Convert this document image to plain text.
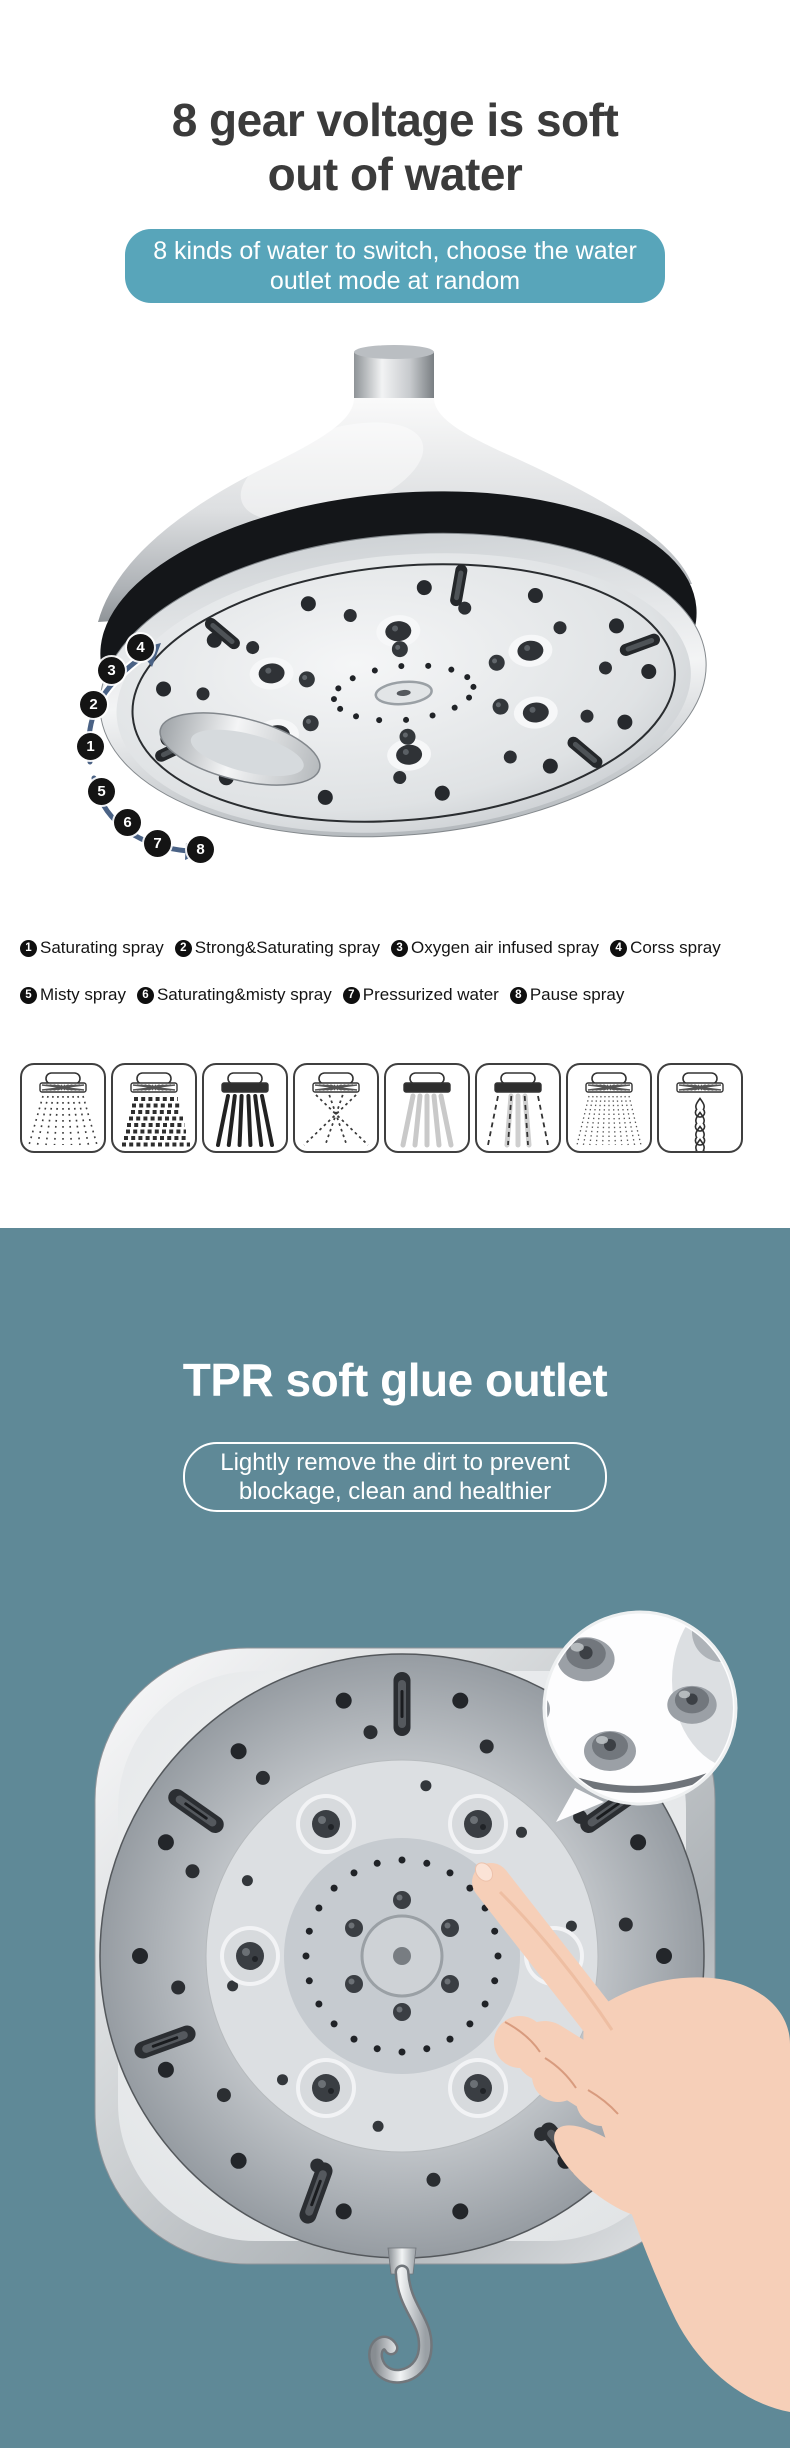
8 gear voltage is soft
out of water
8 kinds of water to switch, choose the water
outlet mode at random
1
2
3
4
5
6
7	8
1 Saturating spray	2 Strong&Saturating spray	3 Oxygen air infused spray	4 Corss spray
5 Misty spray	6 Saturating&misty spray	7 Pressurized water	8 Pause spray
TPR soft glue outlet
Lightly remove the dirt to prevent
blockage, clean and healthier
